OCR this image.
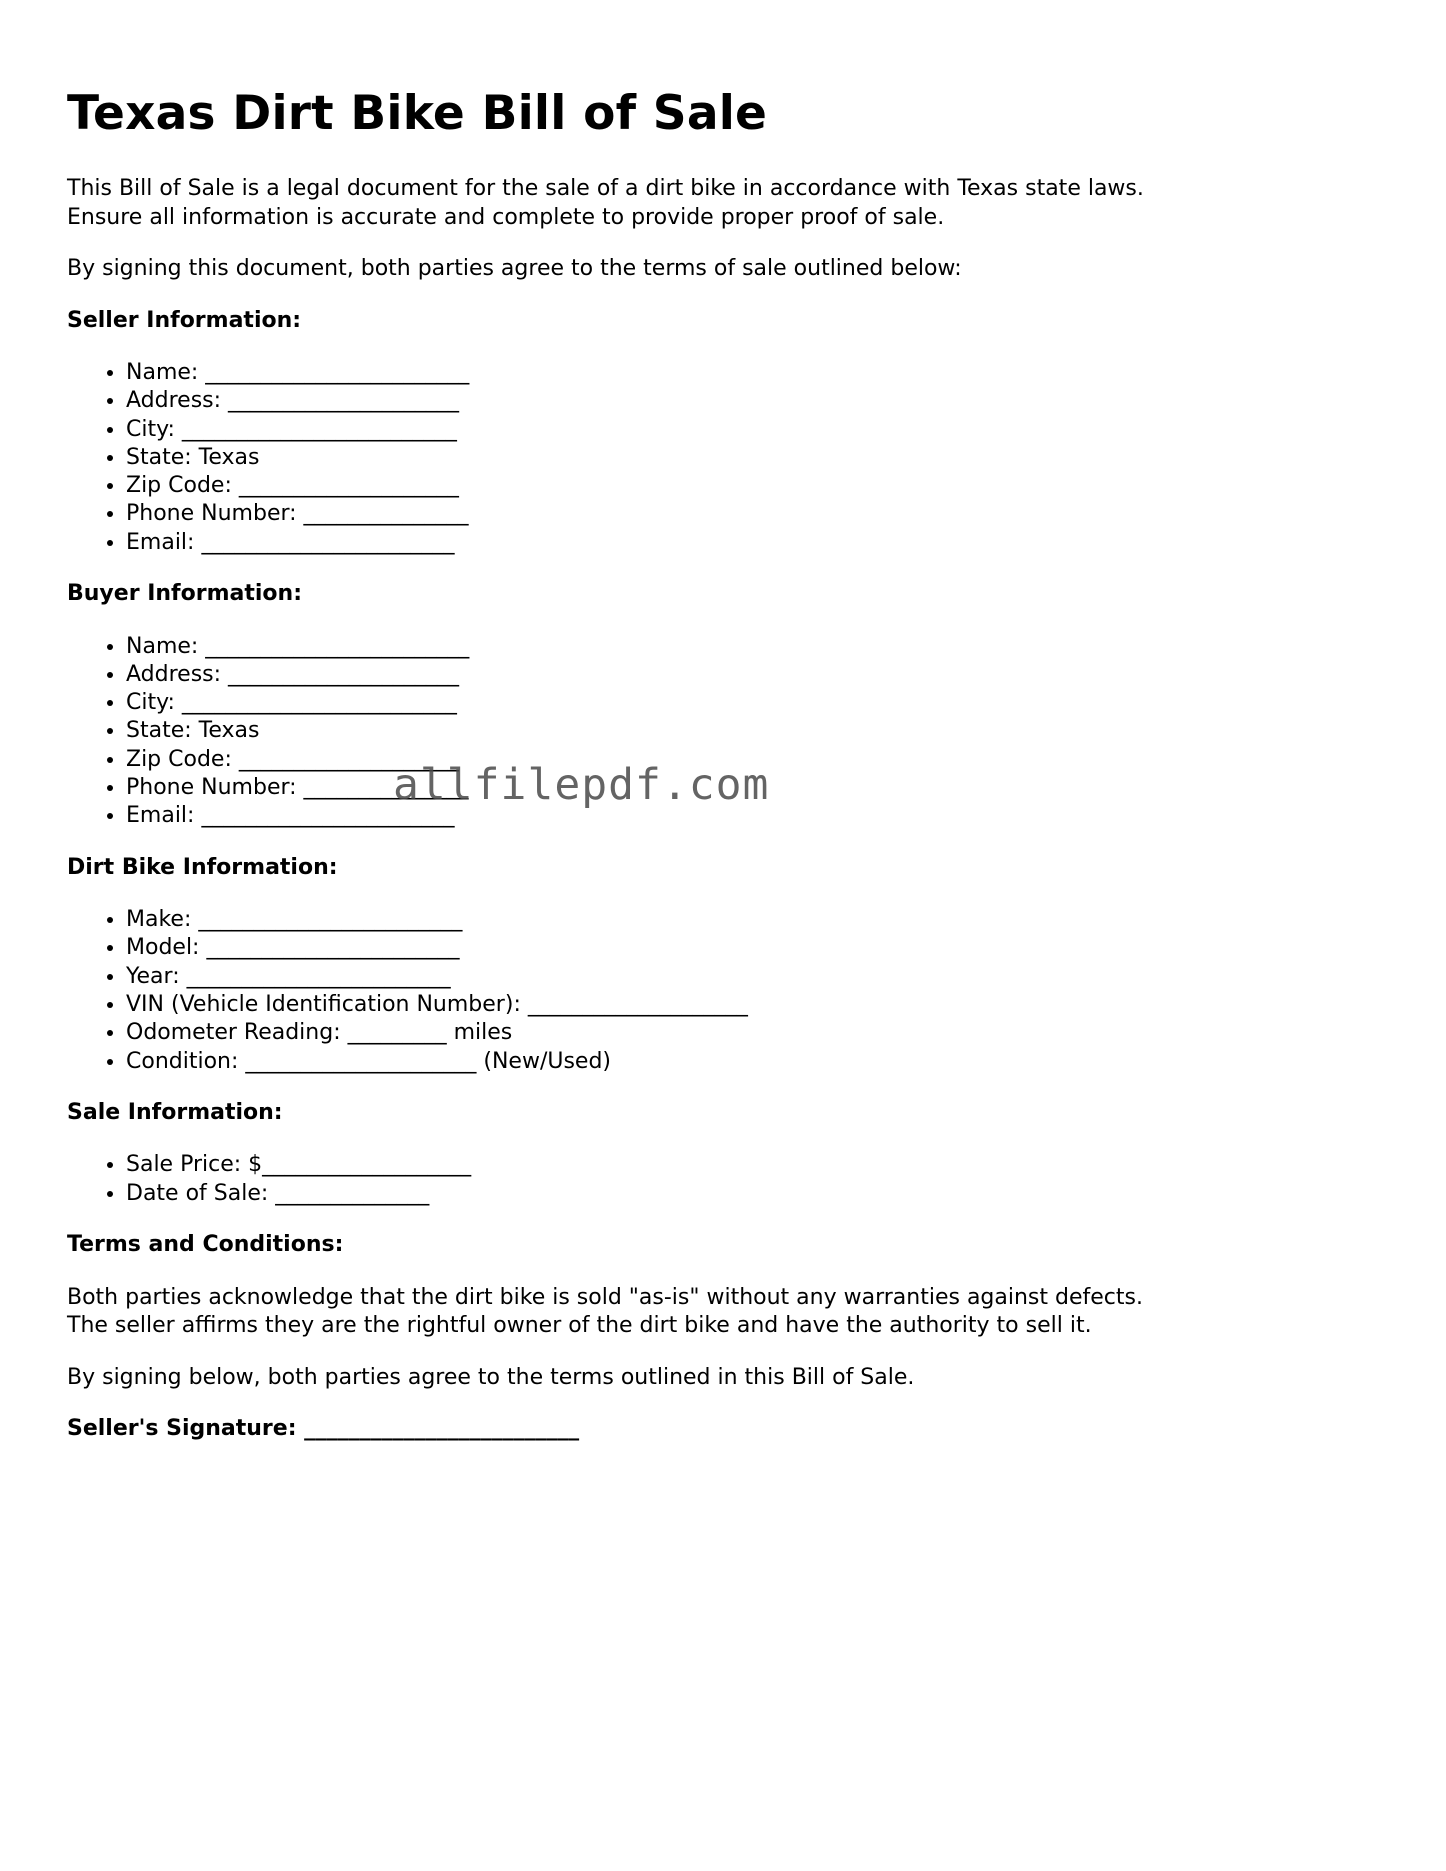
Texas Dirt Bike Bill of Sale

This Bill of Sale is a legal document for the sale of a dirt bike in accordance with Texas state laws. Ensure all information is accurate and complete to provide proper proof of sale.

By signing this document, both parties agree to the terms of sale outlined below:

Seller Information:
• Name: ________________________
• Address: _____________________
• City: _________________________
• State: Texas
• Zip Code: ____________________
• Phone Number: _______________
• Email: _______________________
Buyer Information:
• Name: ________________________
• Address: _____________________
• City: _________________________
• State: Texas
• Zip Code: ____________________
• Phone Number: _______________
• Email: _______________________
Dirt Bike Information:
• Make: ________________________
• Model: _______________________
• Year: ________________________
• VIN (Vehicle Identification Number): ____________________
• Odometer Reading: _________ miles
• Condition: _____________________ (New/Used)
Sale Information:
• Sale Price: $___________________
• Date of Sale: ______________
Terms and Conditions:

Both parties acknowledge that the dirt bike is sold "as-is" without any warranties against defects. The seller affirms they are the rightful owner of the dirt bike and have the authority to sell it.

By signing below, both parties agree to the terms outlined in this Bill of Sale.

Seller's Signature: _________________________

allfilepdf.com
